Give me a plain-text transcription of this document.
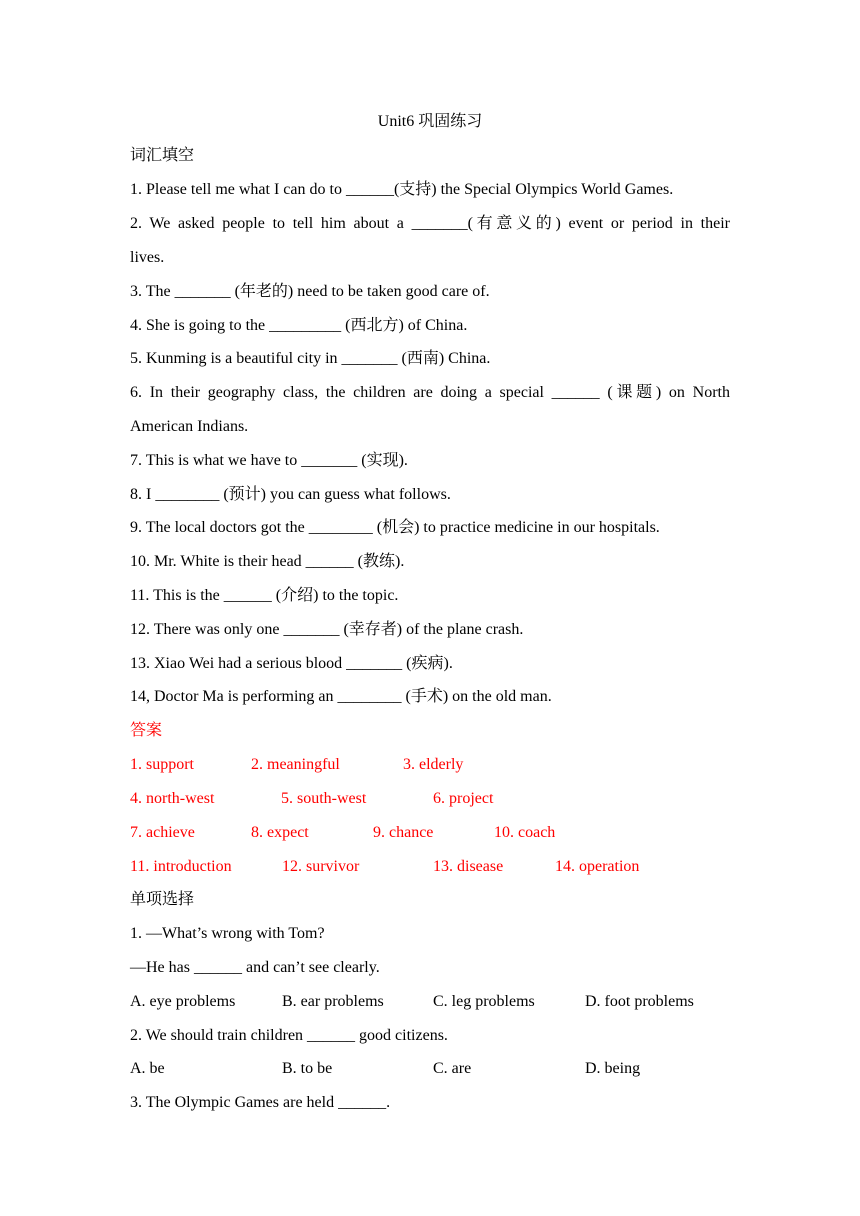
Unit6 巩固练习
词汇填空
1. Please tell me what I can do to ______(支持) the Special Olympics World Games.
2. We asked people to tell him about a _______(有意义的) event or period in their
lives.
3. The _______ (年老的) need to be taken good care of.
4. She is going to the _________ (西北方) of China.
5. Kunming is a beautiful city in _______ (西南) China.
6. In their geography class, the children are doing a special ______ (课题) on North
American Indians.
7. This is what we have to _______ (实现).
8. I ________ (预计) you can guess what follows.
9. The local doctors got the ________ (机会) to practice medicine in our hospitals.
10. Mr. White is their head ______ (教练).
11. This is the ______ (介绍) to the topic.
12. There was only one _______ (幸存者) of the plane crash.
13. Xiao Wei had a serious blood _______ (疾病).
14, Doctor Ma is performing an ________ (手术) on the old man.
答案
1. support	2. meaningful	3. elderly
4. north-west	5. south-west	6. project
7. achieve	8. expect	9. chance	10. coach
11. introduction	12. survivor	13. disease	14. operation
单项选择
1. —What’s wrong with Tom?
—He has ______ and can’t see clearly.
A. eye problems	B. ear problems	C. leg problems	D. foot problems
2. We should train children ______ good citizens.
A. be	B. to be	C. are	D. being
3. The Olympic Games are held ______.
